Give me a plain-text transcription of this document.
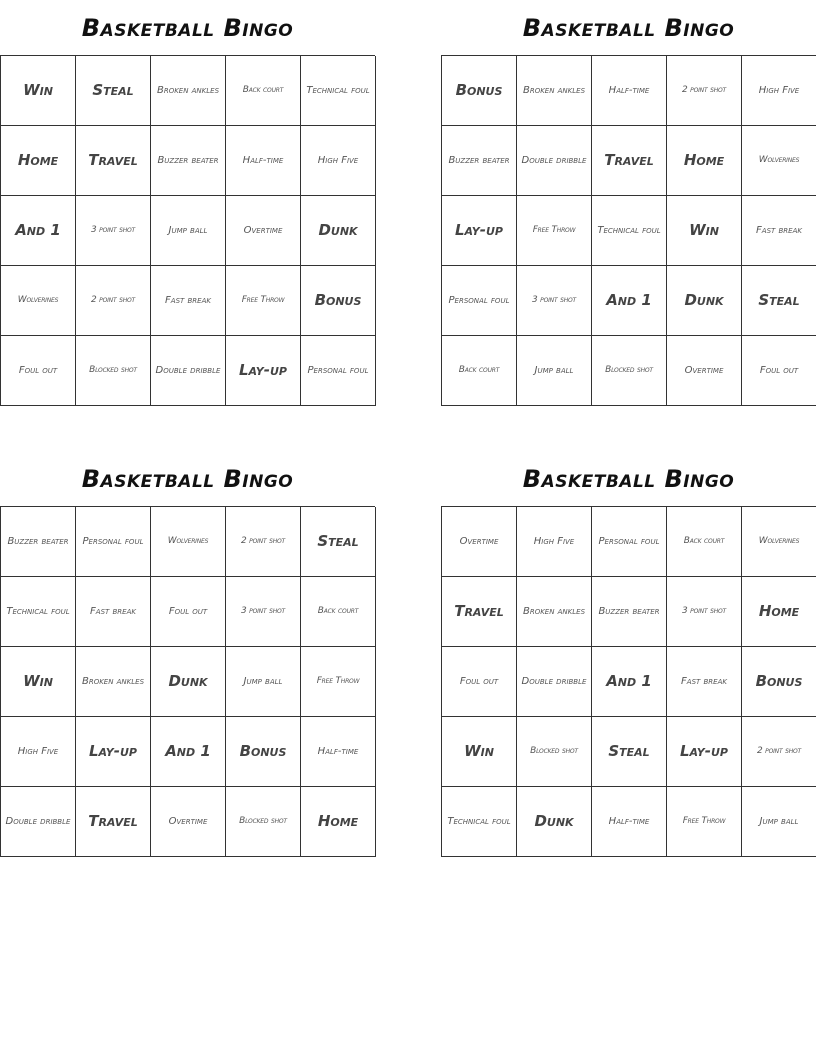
Basketball Bingo
Win	Steal	Broken ankles	Back court	Technical foul
Home	Travel	Buzzer beater	Half-time	High Five
And 1	3 point shot	Jump ball	Overtime	Dunk
Wolverines	2 point shot	Fast break	Free Throw	Bonus
Foul out	Blocked shot	Double dribble	Lay-up	Personal foul
Basketball Bingo
Bonus	Broken ankles	Half-time	2 point shot	High Five
Buzzer beater	Double dribble	Travel	Home	Wolverines
Lay-up	Free Throw	Technical foul	Win	Fast break
Personal foul	3 point shot	And 1	Dunk	Steal
Back court	Jump ball	Blocked shot	Overtime	Foul out
Basketball Bingo
Buzzer beater	Personal foul	Wolverines	2 point shot	Steal
Technical foul	Fast break	Foul out	3 point shot	Back court
Win	Broken ankles	Dunk	Jump ball	Free Throw
High Five	Lay-up	And 1	Bonus	Half-time
Double dribble	Travel	Overtime	Blocked shot	Home
Basketball Bingo
Overtime	High Five	Personal foul	Back court	Wolverines
Travel	Broken ankles	Buzzer beater	3 point shot	Home
Foul out	Double dribble	And 1	Fast break	Bonus
Win	Blocked shot	Steal	Lay-up	2 point shot
Technical foul	Dunk	Half-time	Free Throw	Jump ball
